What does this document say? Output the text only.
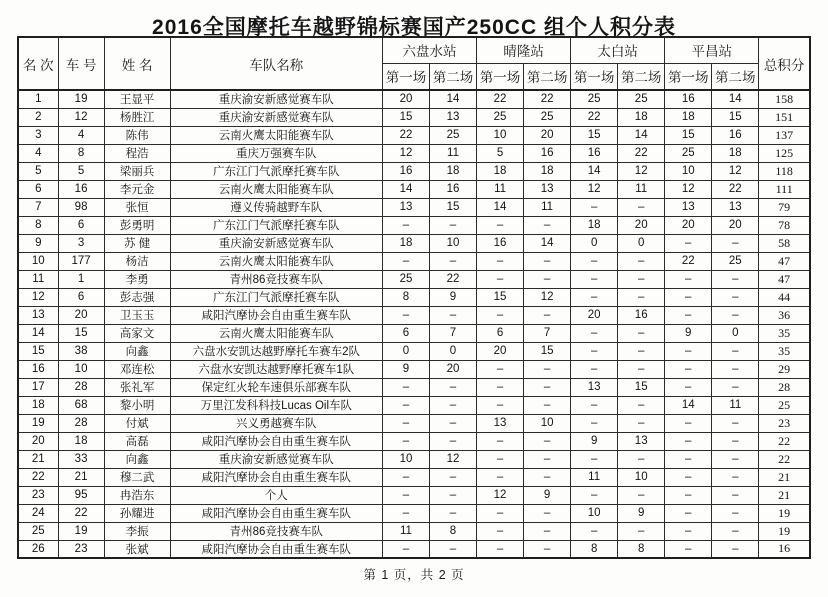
2016全国摩托车越野锦标赛国产250CC 组个人积分表
名 次	车 号	姓 名	车队名称	六盘水站		晴隆站		太白站		平昌站		总积分
				第一场	第二场	第一场	第二场	第一场	第二场	第一场	第二场	
1	19	王显平	重庆渝安新感觉赛车队	20	14	22	22	25	25	16	14	158
2	12	杨胜江	重庆渝安新感觉赛车队	15	13	25	25	22	18	18	15	151
3	4	陈伟	云南火鹰太阳能赛车队	22	25	10	20	15	14	15	16	137
4	8	程浩	重庆万强赛车队	12	11	5	16	16	22	25	18	125
5	5	梁丽兵	广东江门气派摩托赛车队	16	18	18	18	14	12	10	12	118
6	16	李元金	云南火鹰太阳能赛车队	14	16	11	13	12	11	12	22	111
7	98	张恒	遵义传骑越野车队	13	15	14	11	–	–	13	13	79
8	6	彭勇明	广东江门气派摩托赛车队	–	–	–	–	18	20	20	20	78
9	3	苏 健	重庆渝安新感觉赛车队	18	10	16	14	0	0	–	–	58
10	177	杨洁	云南火鹰太阳能赛车队	–	–	–	–	–	–	22	25	47
11	1	李勇	青州86竞技赛车队	25	22	–	–	–	–	–	–	47
12	6	彭志强	广东江门气派摩托赛车队	8	9	15	12	–	–	–	–	44
13	20	卫玉玉	咸阳汽摩协会自由重生赛车队	–	–	–	–	20	16	–	–	36
14	15	高家文	云南火鹰太阳能赛车队	6	7	6	7	–	–	9	0	35
15	38	向鑫	六盘水安凯达越野摩托车赛车2队	0	0	20	15	–	–	–	–	35
16	10	邓连松	六盘水安凯达越野摩托赛车1队	9	20	–	–	–	–	–	–	29
17	28	张礼军	保定红火轮车速俱乐部赛车队	–	–	–	–	13	15	–	–	28
18	68	黎小明	万里江发科科技Lucas Oil车队	–	–	–	–	–	–	14	11	25
19	28	付斌	兴义勇越赛车队	–	–	13	10	–	–	–	–	23
20	18	高磊	咸阳汽摩协会自由重生赛车队	–	–	–	–	9	13	–	–	22
21	33	向鑫	重庆渝安新感觉赛车队	10	12	–	–	–	–	–	–	22
22	21	穆二武	咸阳汽摩协会自由重生赛车队	–	–	–	–	11	10	–	–	21
23	95	冉浩东	个人	–	–	12	9	–	–	–	–	21
24	22	孙耀进	咸阳汽摩协会自由重生赛车队	–	–	–	–	10	9	–	–	19
25	19	李振	青州86竞技赛车队	11	8	–	–	–	–	–	–	19
26	23	张斌	咸阳汽摩协会自由重生赛车队	–	–	–	–	8	8	–	–	16
第 1 页，共 2 页
